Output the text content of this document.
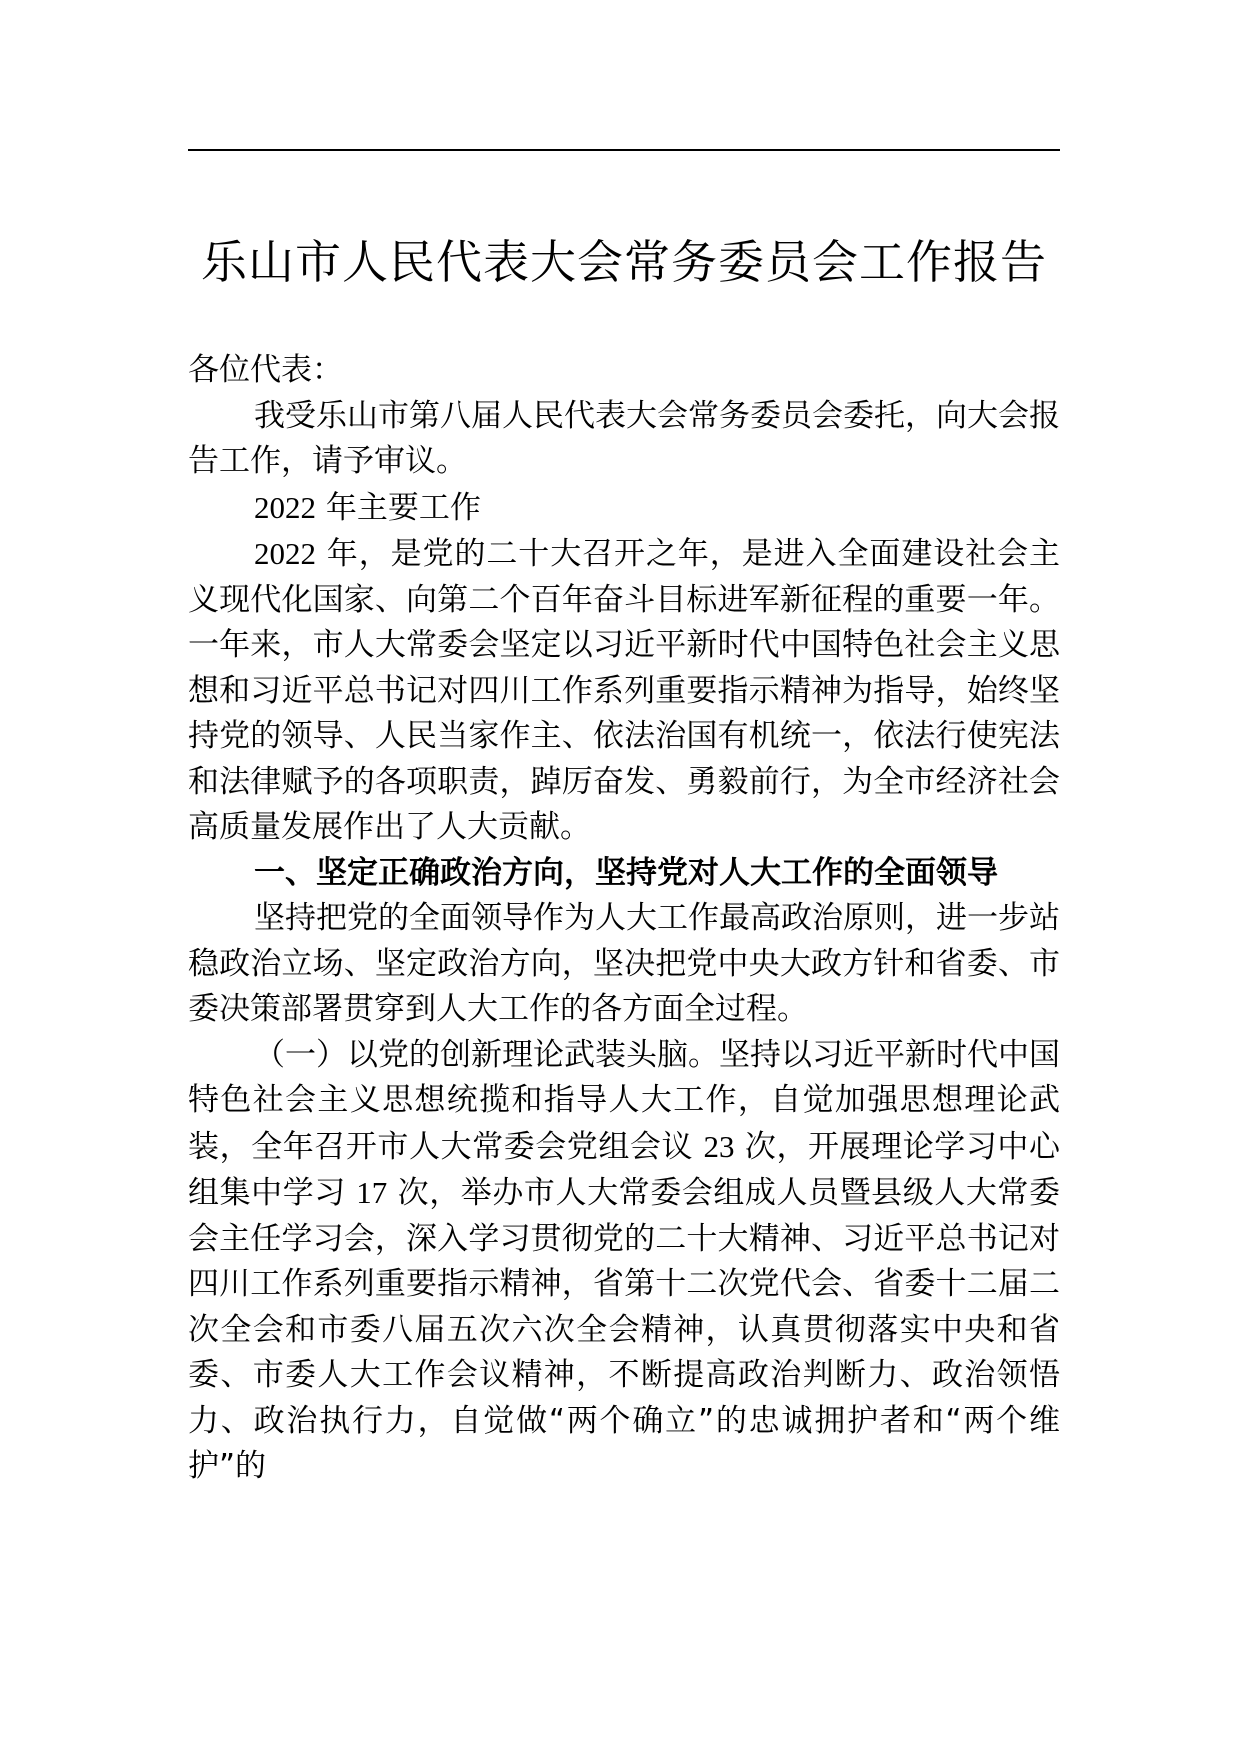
乐山市人民代表大会常务委员会工作报告

各位代表：

我受乐山市第八届人民代表大会常务委员会委托，向大会报告工作，请予审议。

2022 年主要工作

2022 年，是党的二十大召开之年，是进入全面建设社会主义现代化国家、向第二个百年奋斗目标进军新征程的重要一年。一年来，市人大常委会坚定以习近平新时代中国特色社会主义思想和习近平总书记对四川工作系列重要指示精神为指导，始终坚持党的领导、人民当家作主、依法治国有机统一，依法行使宪法和法律赋予的各项职责，踔厉奋发、勇毅前行，为全市经济社会高质量发展作出了人大贡献。

一、坚定正确政治方向，坚持党对人大工作的全面领导

坚持把党的全面领导作为人大工作最高政治原则，进一步站稳政治立场、坚定政治方向，坚决把党中央大政方针和省委、市委决策部署贯穿到人大工作的各方面全过程。

（一）以党的创新理论武装头脑。坚持以习近平新时代中国特色社会主义思想统揽和指导人大工作，自觉加强思想理论武装，全年召开市人大常委会党组会议 23 次，开展理论学习中心组集中学习 17 次，举办市人大常委会组成人员暨县级人大常委会主任学习会，深入学习贯彻党的二十大精神、习近平总书记对四川工作系列重要指示精神，省第十二次党代会、省委十二届二次全会和市委八届五次六次全会精神，认真贯彻落实中央和省委、市委人大工作会议精神，不断提高政治判断力、政治领悟力、政治执行力，自觉做“两个确立”的忠诚拥护者和“两个维护”的
